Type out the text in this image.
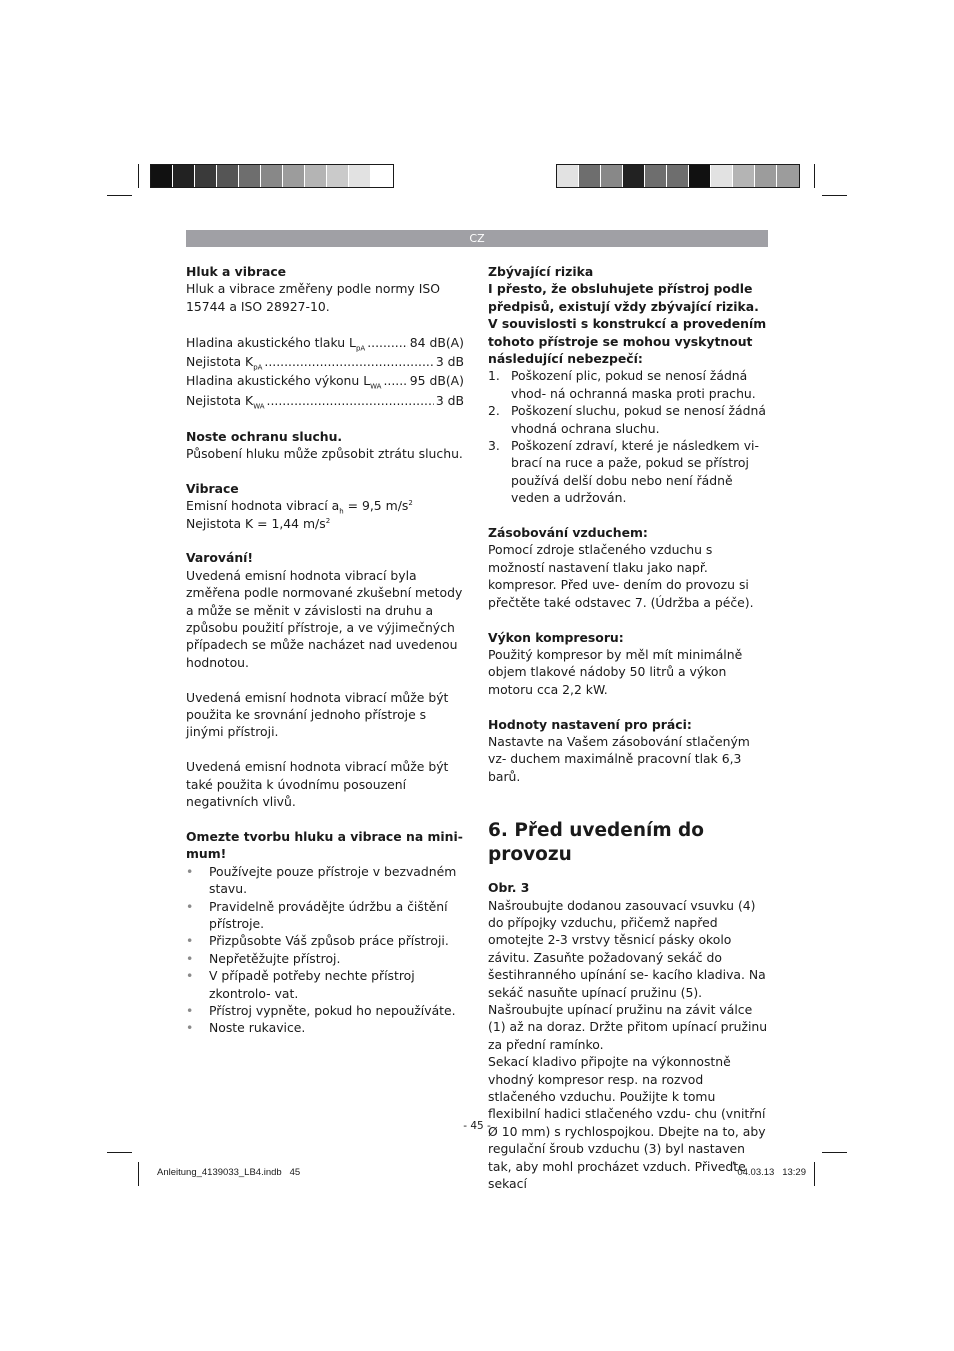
CZ
Hluk a vibrace

Hluk a vibrace změřeny podle normy ISO 15744 a ISO 28927-10.

Hladina akustického tlaku $L_{pA}$ .....	84 dB(A)
Nejistota $K_{pA}$ .....	3 dB
Hladina akustického výkonu $L_{WA}$ ..... 95 dB(A)
Nejistota $K_{WA}$ .....	3 dB
Noste ochranu sluchu.

Působení hluku může způsobit ztrátu sluchu.

Vibrace

Emisní hodnota vibrací $a_h = 9,5$ $m/s^2$

Nejistota K = 1,44 $m/s^2$

Varování!

Uvedená emisní hodnota vibrací byla změřena podle normované zkušební metody a může se měnit v závislosti na druhu a způsobu použití přístroje, a ve výjimečných případech se může nacházet nad uvedenou hodnotou.

Uvedená emisní hodnota vibrací může být použita ke srovnání jednoho přístroje s jinými přístroji.

Uvedená emisní hodnota vibrací může být také použita k úvodnímu posouzení negativních vlivů.

Omezte tvorbu hluku a vibrace na mini- mum!
• Používejte pouze přístroje v bezvadném stavu.
• Pravidelně provádějte údržbu a čištění přístroje.
• Přizpůsobte Váš způsob práce přístroji.
• Nepřetěžujte přístroj.
• V případě potřeby nechte přístroj zkontrolo- vat.
• Přístroj vypněte, pokud ho nepoužíváte.
• Noste rukavice.
Zbývající rizika

I přesto, že obsluhujete přístroj podle předpisů, existují vždy zbývající rizika. V souvislosti s konstrukcí a provedením tohoto přístroje se mohou vyskytnout následující nebezpečí:

1. Poškození plic, pokud se nenosí žádná vhod- ná ochranná maska proti prachu.
2. Poškození sluchu, pokud se nenosí žádná vhodná ochrana sluchu.
3. Poškození zdraví, které je následkem vi- brací na ruce a paže, pokud se přístroj používá delší dobu nebo není řádně veden a udržován.
Zásobování vzduchem:

Pomocí zdroje stlačeného vzduchu s možností nastavení tlaku jako např. kompresor. Před uve- dením do provozu si přečtěte také odstavec 7. (Údržba a péče).

Výkon kompresoru:

Použitý kompresor by měl mít minimálně objem tlakové nádoby 50 litrů a výkon motoru cca 2,2 kW.

Hodnoty nastavení pro práci:

Nastavte na Vašem zásobování stlačeným vz- duchem maximálně pracovní tlak 6,3 barů.

6. Před uvedením do provozu
Obr. 3

Našroubujte dodanou zasouvací vsuvku (4) do přípojky vzduchu, přičemž napřed omotejte 2-3 vrstvy těsnicí pásky okolo závitu. Zasuňte požadovaný sekáč do šestihranného upínání se- kacího kladiva. Na sekáč nasuňte upínací pružinu (5). Našroubujte upínací pružinu na závit válce (1) až na doraz. Držte přitom upínací pružinu za přední ramínko.

Sekací kladivo připojte na výkonnostně vhodný kompresor resp. na rozvod stlačeného vzduchu. Použijte k tomu flexibilní hadici stlačeného vzdu- chu (vnitřní Ø 10 mm) s rychlospojkou. Dbejte na to, aby regulační šroub vzduchu (3) byl nastaven tak, aby mohl procházet vzduch. Přiveďte sekací

- 45 -
Anleitung_4139033_LB4.indb   45	04.03.13   13:29
